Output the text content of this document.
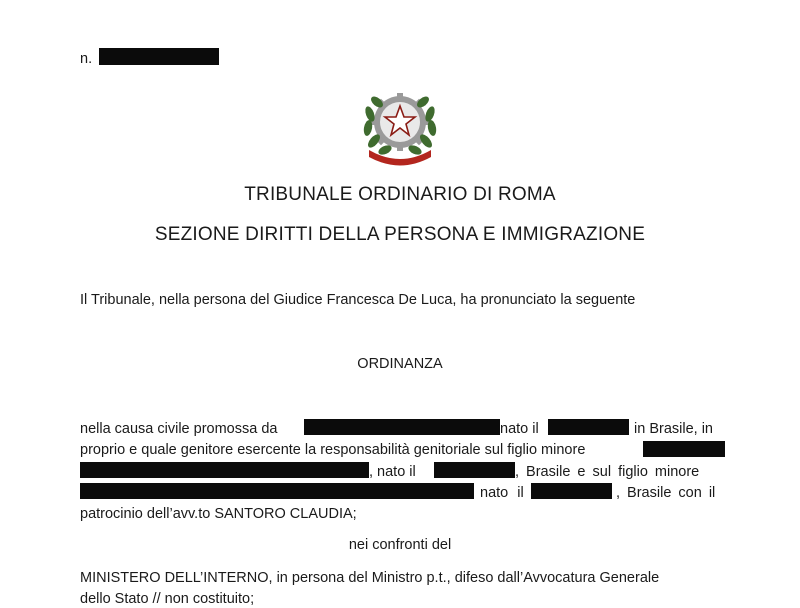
n.
TRIBUNALE ORDINARIO DI ROMA
SEZIONE DIRITTI DELLA PERSONA E IMMIGRAZIONE
Il Tribunale, nella persona del Giudice Francesca De Luca, ha pronunciato la seguente
ORDINANZA
nella causa civile promossa da	nato il	in Brasile, in
proprio e quale genitore esercente la responsabilità genitoriale sul figlio minore
, nato il	, Brasile e sul figlio minore
nato il	, Brasile con il
patrocinio dell’avv.to SANTORO CLAUDIA;
nei confronti del
MINISTERO DELL’INTERNO, in persona del Ministro p.t., difeso dall’Avvocatura Generale
dello Stato // non costituito;
